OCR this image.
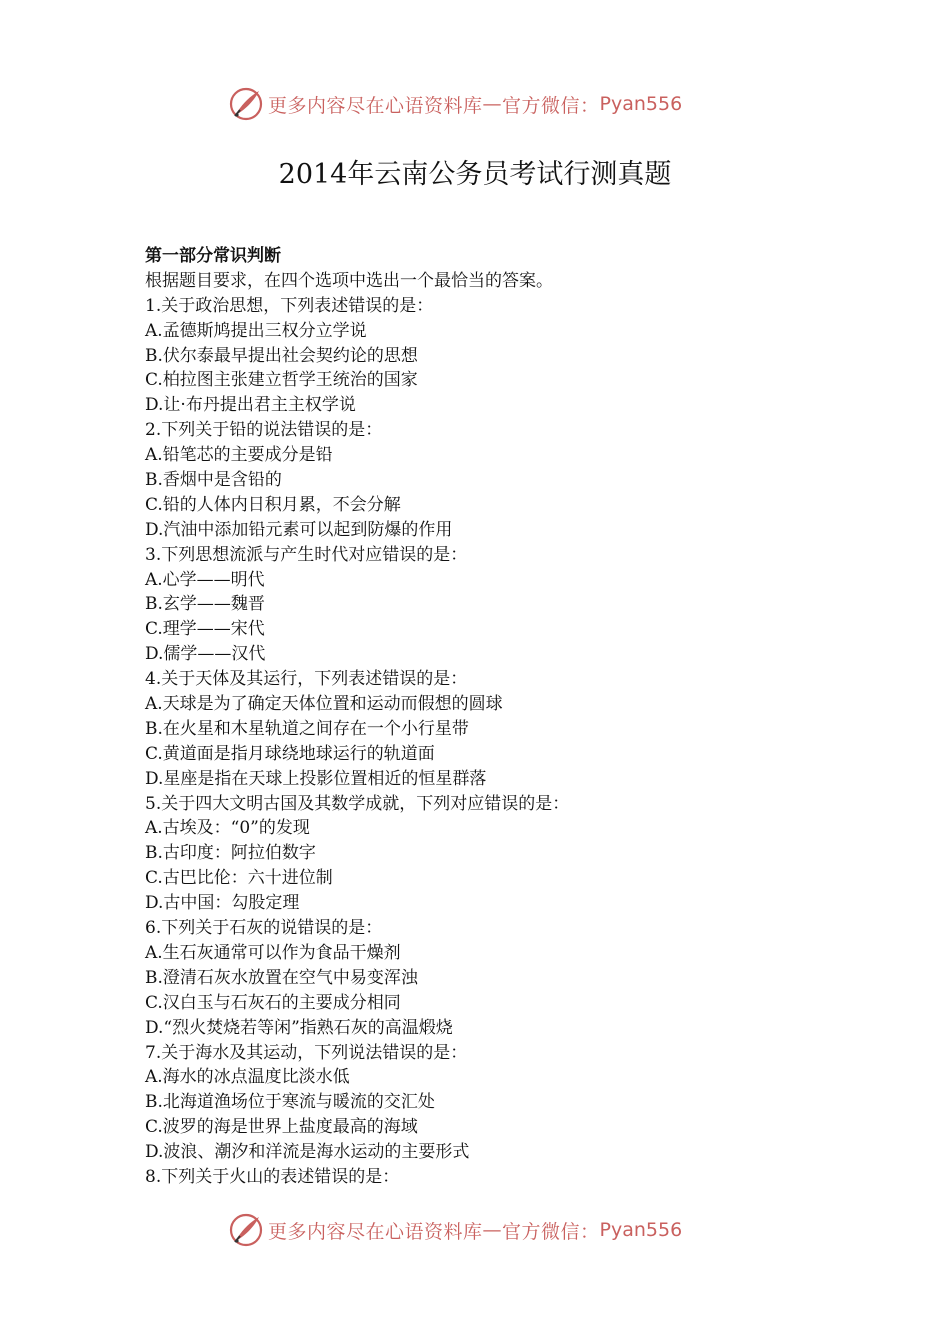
更多内容尽在心语资料库 — 官方微信： Pyan556
2014年云南公务员考试行测真题
第一部分常识判断
根据题目要求，在四个选项中选出一个最恰当的答案。
1.关于政治思想，下列表述错误的是：
A.孟德斯鸠提出三权分立学说
B.伏尔泰最早提出社会契约论的思想
C.柏拉图主张建立哲学王统治的国家
D.让·布丹提出君主主权学说
2.下列关于铅的说法错误的是：
A.铅笔芯的主要成分是铅
B.香烟中是含铅的
C.铅的人体内日积月累，不会分解
D.汽油中添加铅元素可以起到防爆的作用
3.下列思想流派与产生时代对应错误的是：
A.心学——明代
B.玄学——魏晋
C.理学——宋代
D.儒学——汉代
4.关于天体及其运行，下列表述错误的是：
A.天球是为了确定天体位置和运动而假想的圆球
B.在火星和木星轨道之间存在一个小行星带
C.黄道面是指月球绕地球运行的轨道面
D.星座是指在天球上投影位置相近的恒星群落
5.关于四大文明古国及其数学成就，下列对应错误的是：
A.古埃及：“0”的发现
B.古印度：阿拉伯数字
C.古巴比伦：六十进位制
D.古中国：勾股定理
6.下列关于石灰的说错误的是：
A.生石灰通常可以作为食品干燥剂
B.澄清石灰水放置在空气中易变浑浊
C.汉白玉与石灰石的主要成分相同
D.“烈火焚烧若等闲”指熟石灰的高温煅烧
7.关于海水及其运动，下列说法错误的是：
A.海水的冰点温度比淡水低
B.北海道渔场位于寒流与暖流的交汇处
C.波罗的海是世界上盐度最高的海域
D.波浪、潮汐和洋流是海水运动的主要形式
8.下列关于火山的表述错误的是：
更多内容尽在心语资料库 — 官方微信： Pyan556
